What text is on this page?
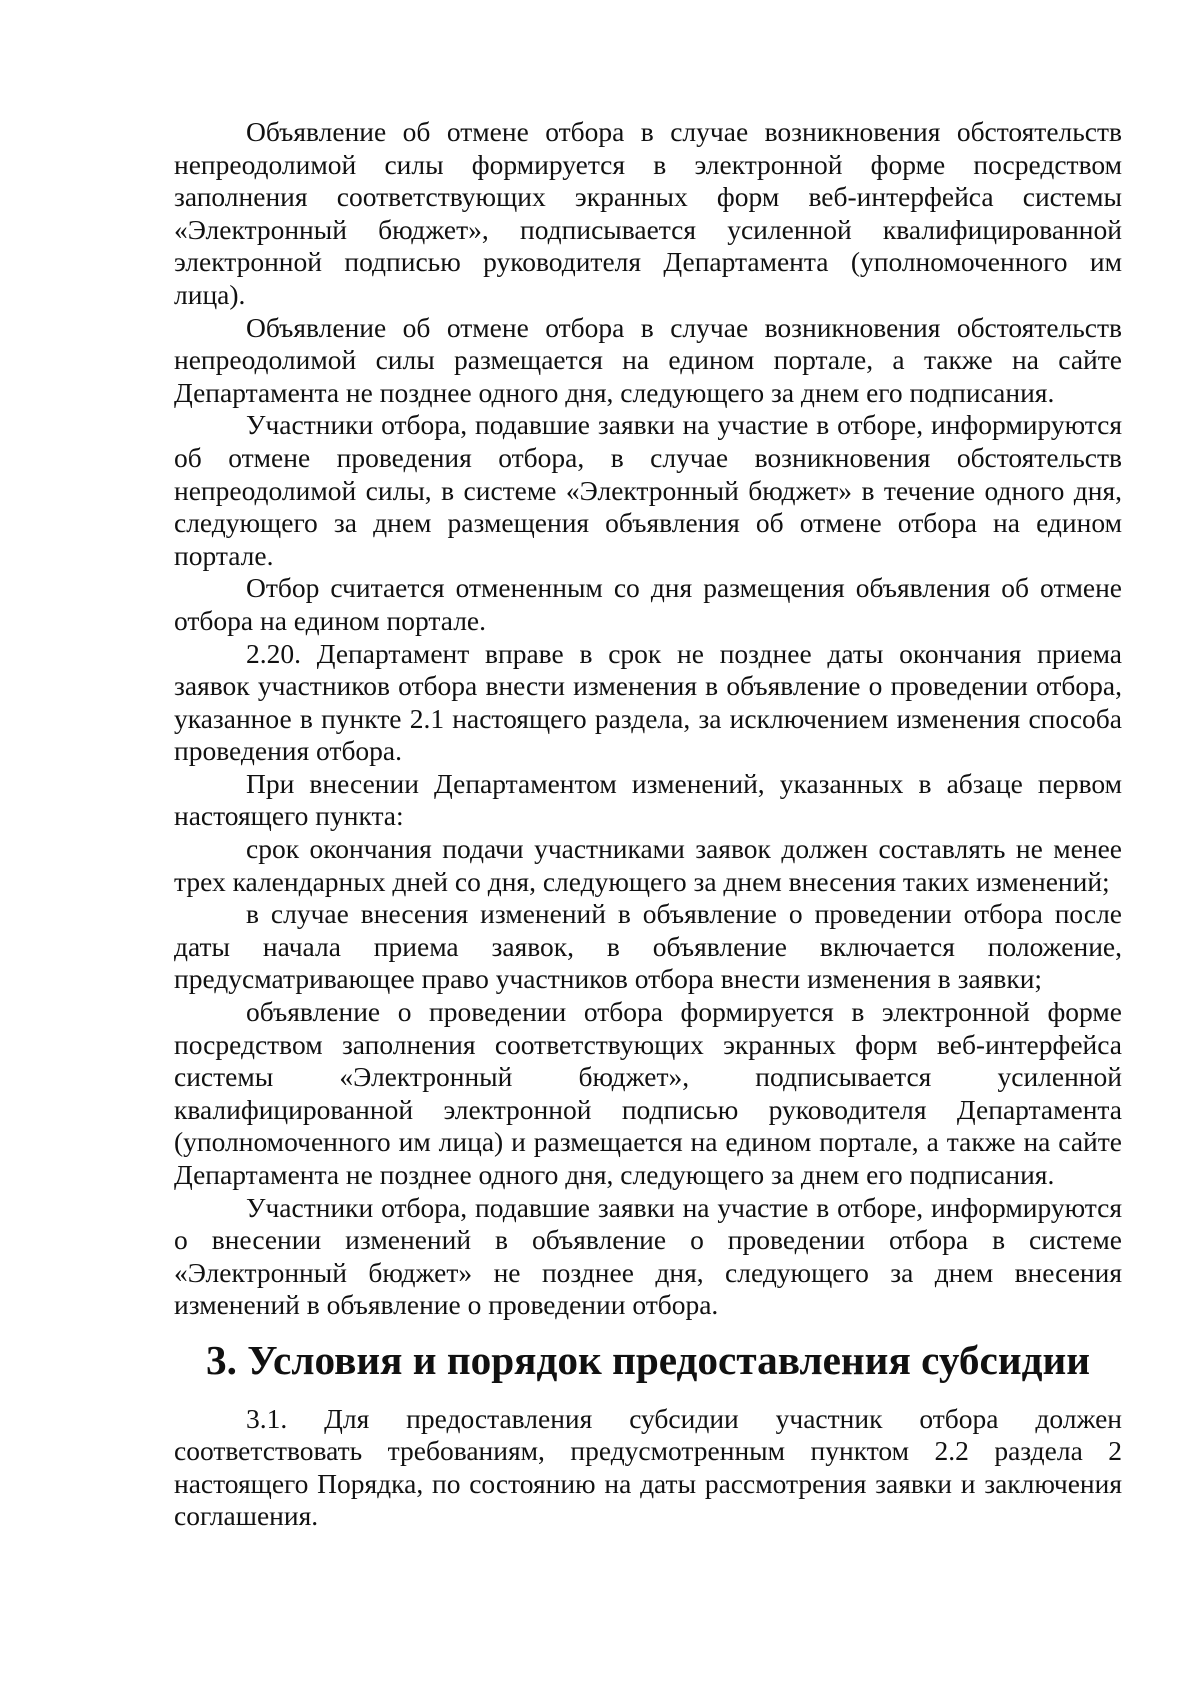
Объявление об отмене отбора в случае возникновения обстоятельств непреодолимой силы формируется в электронной форме посредством заполнения соответствующих экранных форм веб-интерфейса системы «Электронный бюджет», подписывается усиленной квалифицированной электронной подписью руководителя Департамента (уполномоченного им лица).

Объявление об отмене отбора в случае возникновения обстоятельств непреодолимой силы размещается на едином портале, а также на сайте Департамента не позднее одного дня, следующего за днем его подписания.

Участники отбора, подавшие заявки на участие в отборе, информируются об отмене проведения отбора, в случае возникновения обстоятельств непреодолимой силы, в системе «Электронный бюджет» в течение одного дня, следующего за днем размещения объявления об отмене отбора на едином портале.

Отбор считается отмененным со дня размещения объявления об отмене отбора на едином портале.

2.20. Департамент вправе в срок не позднее даты окончания приема заявок участников отбора внести изменения в объявление о проведении отбора, указанное в пункте 2.1 настоящего раздела, за исключением изменения способа проведения отбора.

При внесении Департаментом изменений, указанных в абзаце первом настоящего пункта:

срок окончания подачи участниками заявок должен составлять не менее трех календарных дней со дня, следующего за днем внесения таких изменений;

в случае внесения изменений в объявление о проведении отбора после даты начала приема заявок, в объявление включается положение, предусматривающее право участников отбора внести изменения в заявки;

объявление о проведении отбора формируется в электронной форме посредством заполнения соответствующих экранных форм веб-интерфейса системы «Электронный бюджет», подписывается усиленной квалифицированной электронной подписью руководителя Департамента (уполномоченного им лица) и размещается на едином портале, а также на сайте Департамента не позднее одного дня, следующего за днем его подписания.

Участники отбора, подавшие заявки на участие в отборе, информируются о внесении изменений в объявление о проведении отбора в системе «Электронный бюджет» не позднее дня, следующего за днем внесения изменений в объявление о проведении отбора.

3. Условия и порядок предоставления субсидии

3.1. Для предоставления субсидии участник отбора должен соответствовать требованиям, предусмотренным пунктом 2.2 раздела 2 настоящего Порядка, по состоянию на даты рассмотрения заявки и заключения соглашения.
